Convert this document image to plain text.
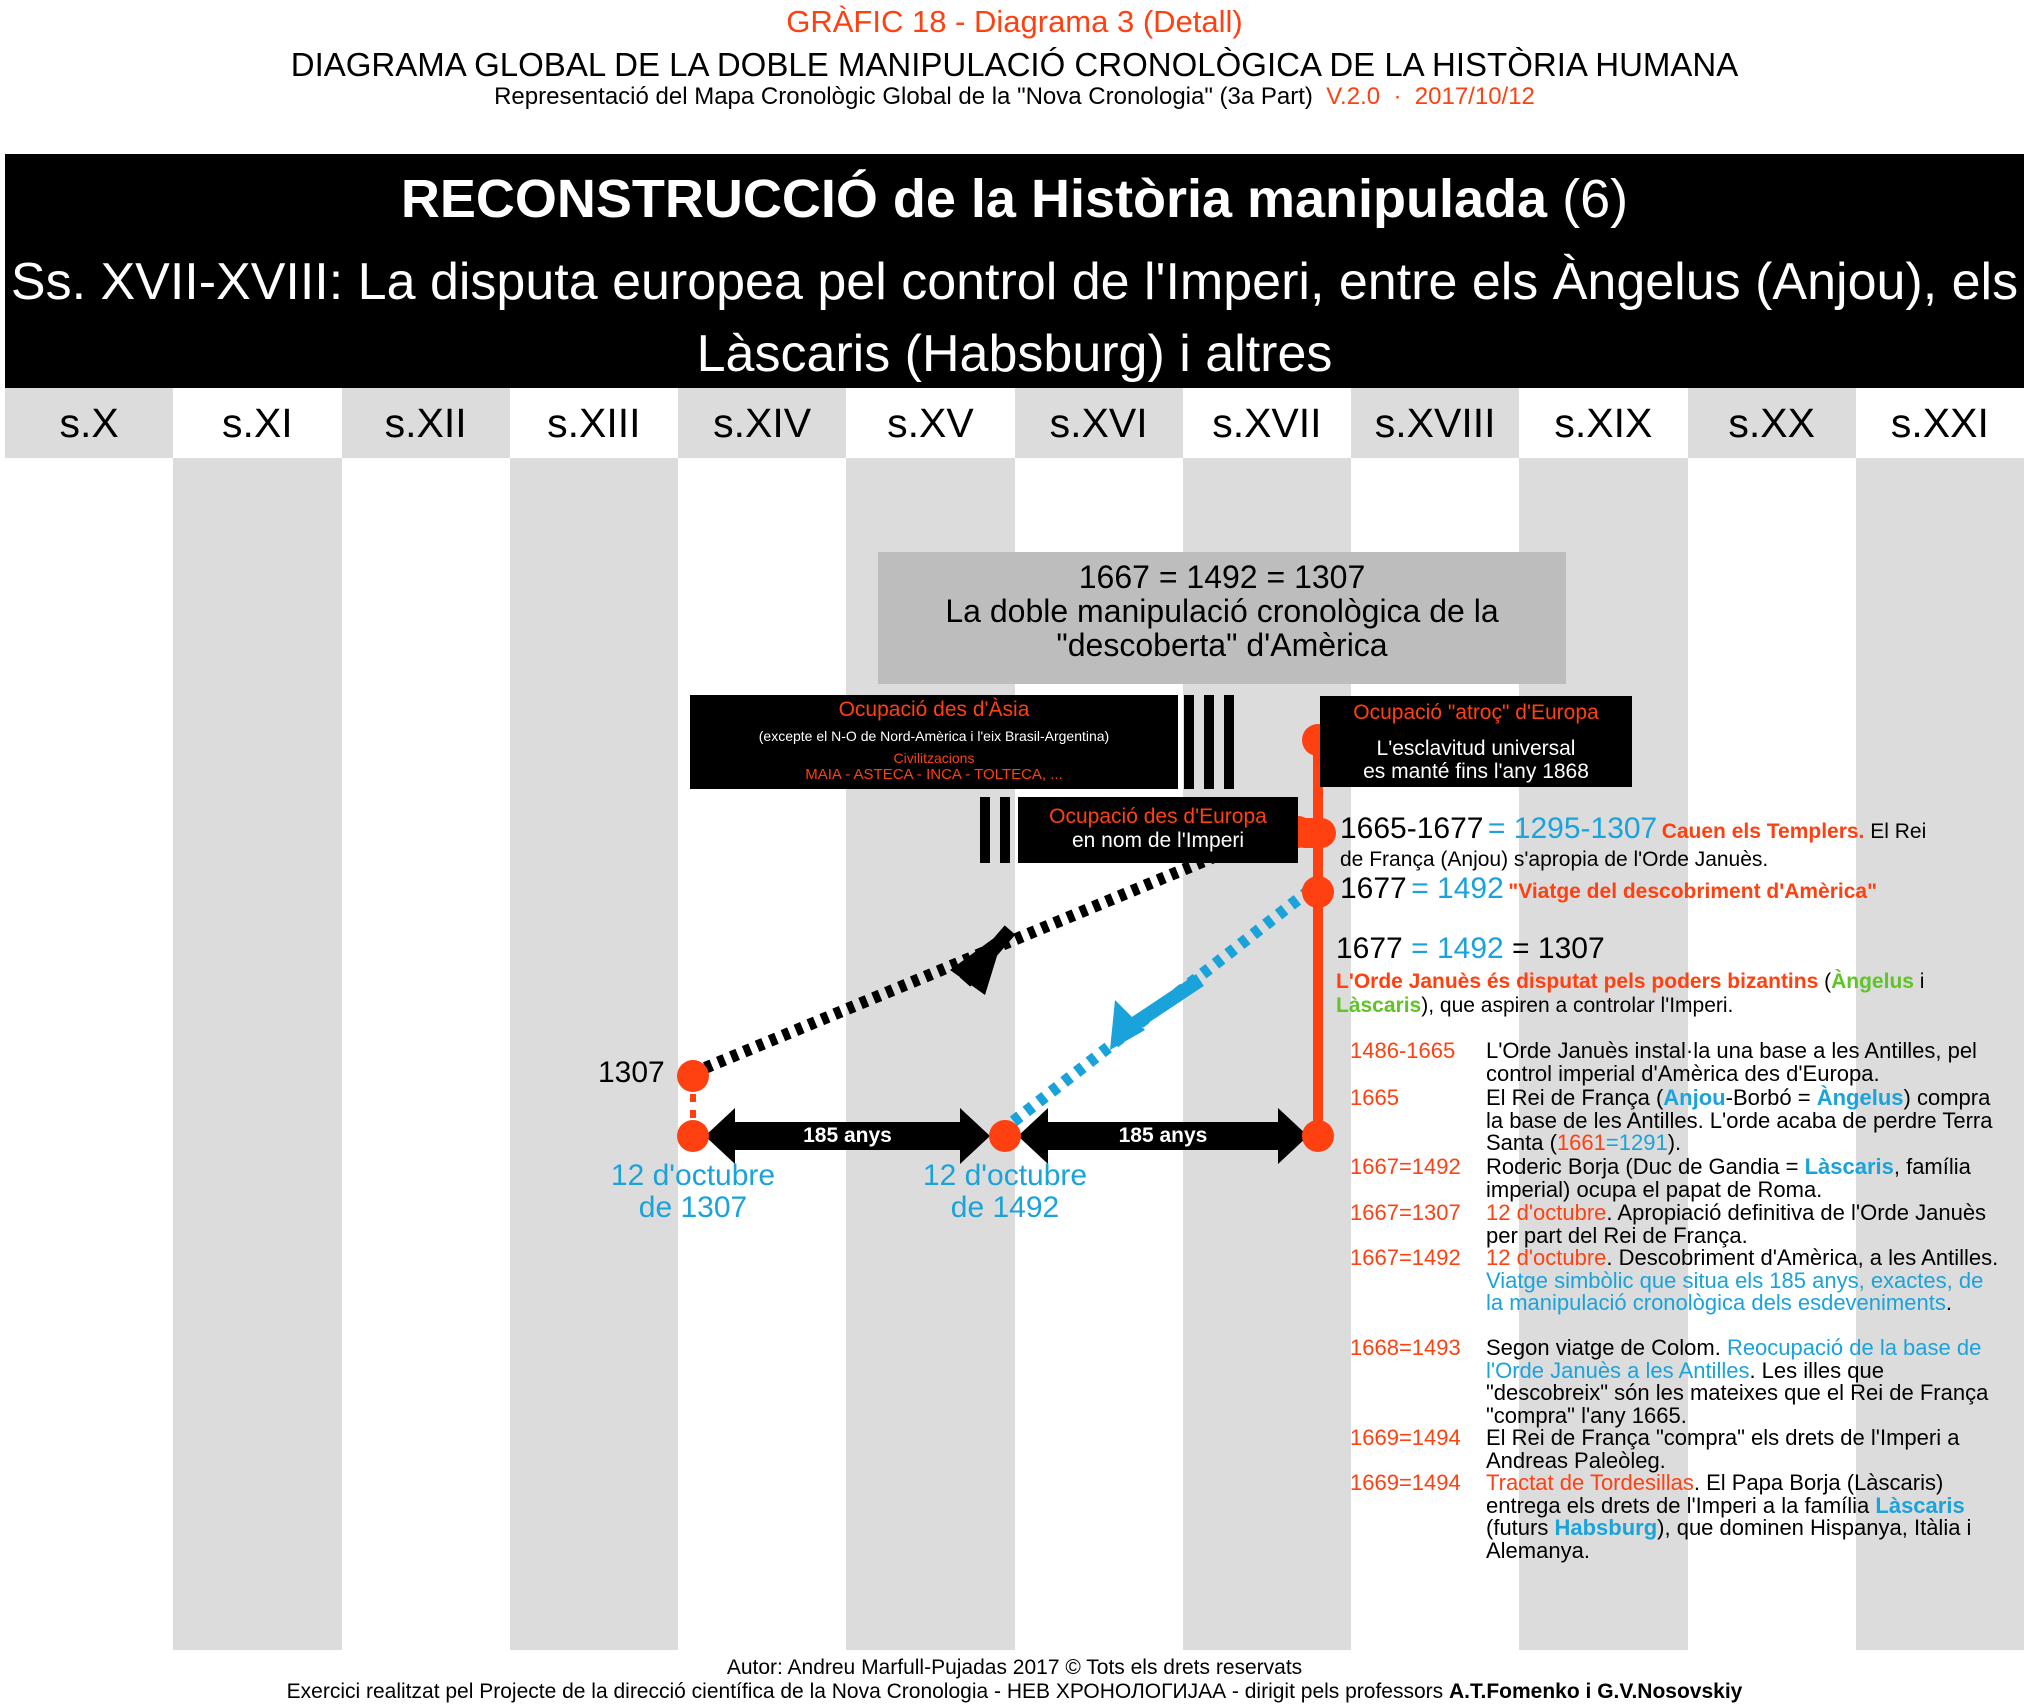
s.X	s.XI	s.XII	s.XIII	s.XIV	s.XV	s.XVI	s.XVII	s.XVIII	s.XIX	s.XX	s.XXI
GRÀFIC 18 - Diagrama 3 (Detall)
DIAGRAMA GLOBAL DE LA DOBLE MANIPULACIÓ CRONOLÒGICA DE LA HISTÒRIA HUMANA
Representació del Mapa Cronològic Global de la "Nova Cronologia" (3a Part) V.2.0 · 2017/10/12
RECONSTRUCCIÓ de la Història manipulada (6)
Ss. XVII-XVIII: La disputa europea pel control de l'Imperi, entre els Àngelus (Anjou), els Làscaris (Habsburg) i altres
1667 = 1492 = 1307
La doble manipulació cronològica de la
"descoberta" d'Amèrica
Ocupació des d'Àsia
(excepte el N-O de Nord-Amèrica i l'eix Brasil-Argentina)
Civilitzacions
MAIA - ASTECA - INCA - TOLTECA, ...
Ocupació "atroç" d'Europa
L'esclavitud universal
es manté fins l'any 1868
Ocupació des d'Europa
en nom de l'Imperi
1307
185 anys	185 anys
12 d'octubre
de 1307
12 d'octubre
de 1492
1665-1677 = 1295-1307 Cauen els Templers. El Rei
de França (Anjou) s'apropia de l'Orde Januès.
1677 = 1492 "Viatge del descobriment d'Amèrica"
1677 = 1492 = 1307
L'Orde Januès és disputat pels poders bizantins (Àngelus i
Làscaris), que aspiren a controlar l'Imperi.
1486-1665 L'Orde Januès instal·la una base a les Antilles, pel control imperial d'Amèrica des d'Europa.
1665	El Rei de França (Anjou-Borbó = Àngelus) compra la base de les Antilles. L'orde acaba de perdre Terra Santa (1661=1291).
1667=1492 Roderic Borja (Duc de Gandia = Làscaris, família imperial) ocupa el papat de Roma.
1667=1307 12 d'octubre. Apropiació definitiva de l'Orde Januès per part del Rei de França.
1667=1492 12 d'octubre. Descobriment d'Amèrica, a les Antilles. Viatge simbòlic que situa els 185 anys, exactes, de la manipulació cronològica dels esdeveniments.
1668=1493 Segon viatge de Colom. Reocupació de la base de l'Orde Januès a les Antilles. Les illes que "descobreix" són les mateixes que el Rei de França "compra" l'any 1665.
1669=1494 El Rei de França "compra" els drets de l'Imperi a Andreas Paleòleg.
1669=1494 Tractat de Tordesillas. El Papa Borja (Làscaris) entrega els drets de l'Imperi a la família Làscaris (futurs Habsburg), que dominen Hispanya, Itàlia i Alemanya.
Autor: Andreu Marfull-Pujadas 2017 © Tots els drets reservats
Exercici realitzat pel Projecte de la direcció científica de la Nova Cronologia - НЕВ ХРОНОЛОГИJАА - dirigit pels professors A.T.Fomenko i G.V.Nosovskiy
